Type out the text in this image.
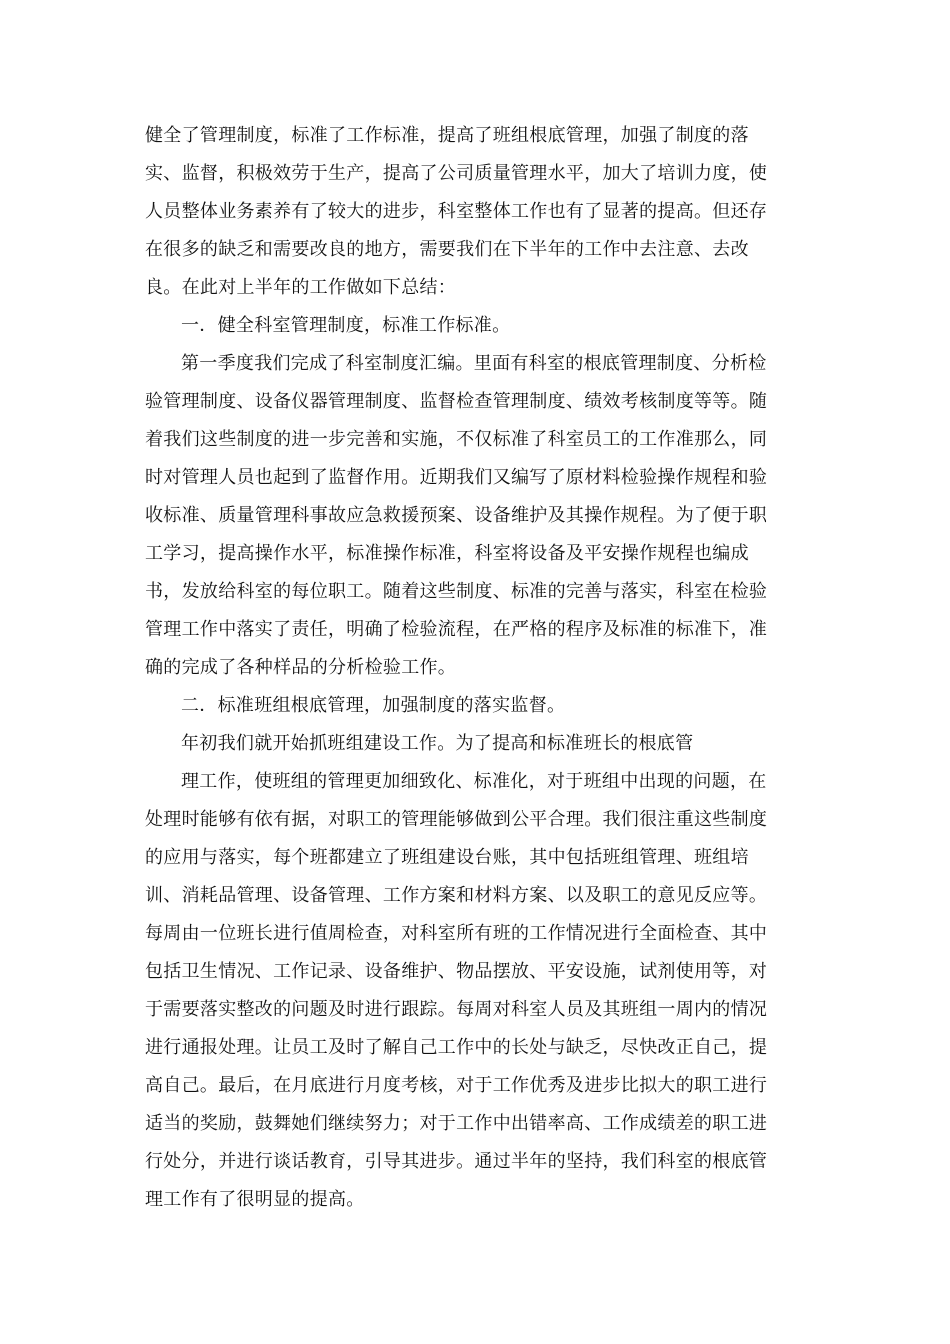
健全了管理制度，标准了工作标准，提高了班组根底管理，加强了制度的落
实、监督，积极效劳于生产，提高了公司质量管理水平，加大了培训力度，使
人员整体业务素养有了较大的进步，科室整体工作也有了显著的提高。但还存
在很多的缺乏和需要改良的地方，需要我们在下半年的工作中去注意、去改
良。在此对上半年的工作做如下总结：
一．健全科室管理制度，标准工作标准。
第一季度我们完成了科室制度汇编。里面有科室的根底管理制度、分析检
验管理制度、设备仪器管理制度、监督检查管理制度、绩效考核制度等等。随
着我们这些制度的进一步完善和实施，不仅标准了科室员工的工作准那么，同
时对管理人员也起到了监督作用。近期我们又编写了原材料检验操作规程和验
收标准、质量管理科事故应急救援预案、设备维护及其操作规程。为了便于职
工学习，提高操作水平，标准操作标准，科室将设备及平安操作规程也编成
书，发放给科室的每位职工。随着这些制度、标准的完善与落实，科室在检验
管理工作中落实了责任，明确了检验流程，在严格的程序及标准的标准下，准
确的完成了各种样品的分析检验工作。
二．标准班组根底管理，加强制度的落实监督。
年初我们就开始抓班组建设工作。为了提高和标准班长的根底管
理工作，使班组的管理更加细致化、标准化，对于班组中出现的问题，在
处理时能够有依有据，对职工的管理能够做到公平合理。我们很注重这些制度
的应用与落实，每个班都建立了班组建设台账，其中包括班组管理、班组培
训、消耗品管理、设备管理、工作方案和材料方案、以及职工的意见反应等。
每周由一位班长进行值周检查，对科室所有班的工作情况进行全面检查、其中
包括卫生情况、工作记录、设备维护、物品摆放、平安设施，试剂使用等，对
于需要落实整改的问题及时进行跟踪。每周对科室人员及其班组一周内的情况
进行通报处理。让员工及时了解自己工作中的长处与缺乏，尽快改正自己，提
高自己。最后，在月底进行月度考核，对于工作优秀及进步比拟大的职工进行
适当的奖励，鼓舞她们继续努力；对于工作中出错率高、工作成绩差的职工进
行处分，并进行谈话教育，引导其进步。通过半年的坚持，我们科室的根底管
理工作有了很明显的提高。
